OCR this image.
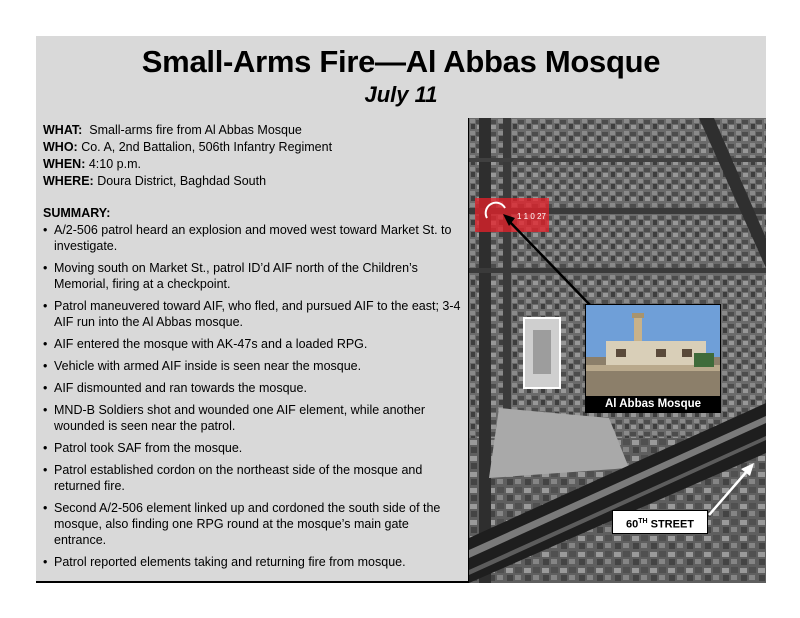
Small-Arms Fire—Al Abbas Mosque
July 11
WHAT: Small-arms fire from Al Abbas Mosque
WHO: Co. A, 2nd Battalion, 506th Infantry Regiment
WHEN: 4:10 p.m.
WHERE: Doura District, Baghdad South
SUMMARY:
• A/2-506 patrol heard an explosion and moved west toward Market St. to investigate.
• Moving south on Market St., patrol ID’d AIF north of the Children’s Memorial, firing at a checkpoint.
• Patrol maneuvered toward AIF, who fled, and pursued AIF to the east; 3-4 AIF run into the Al Abbas mosque.
• AIF entered the mosque with AK-47s and a loaded RPG.
• Vehicle with armed AIF inside is seen near the mosque.
• AIF dismounted and ran towards the mosque.
• MND-B Soldiers shot and wounded one AIF element, while another wounded is seen near the patrol.
• Patrol took SAF from the mosque.
• Patrol established cordon on the northeast side of the mosque and returned fire.
• Second A/2-506 element linked up and cordoned the south side of the mosque, also finding one RPG round at the mosque’s main gate entrance.
• Patrol reported elements taking and returning fire from mosque.
1 1 0 27
Al Abbas Mosque
60TH STREET
